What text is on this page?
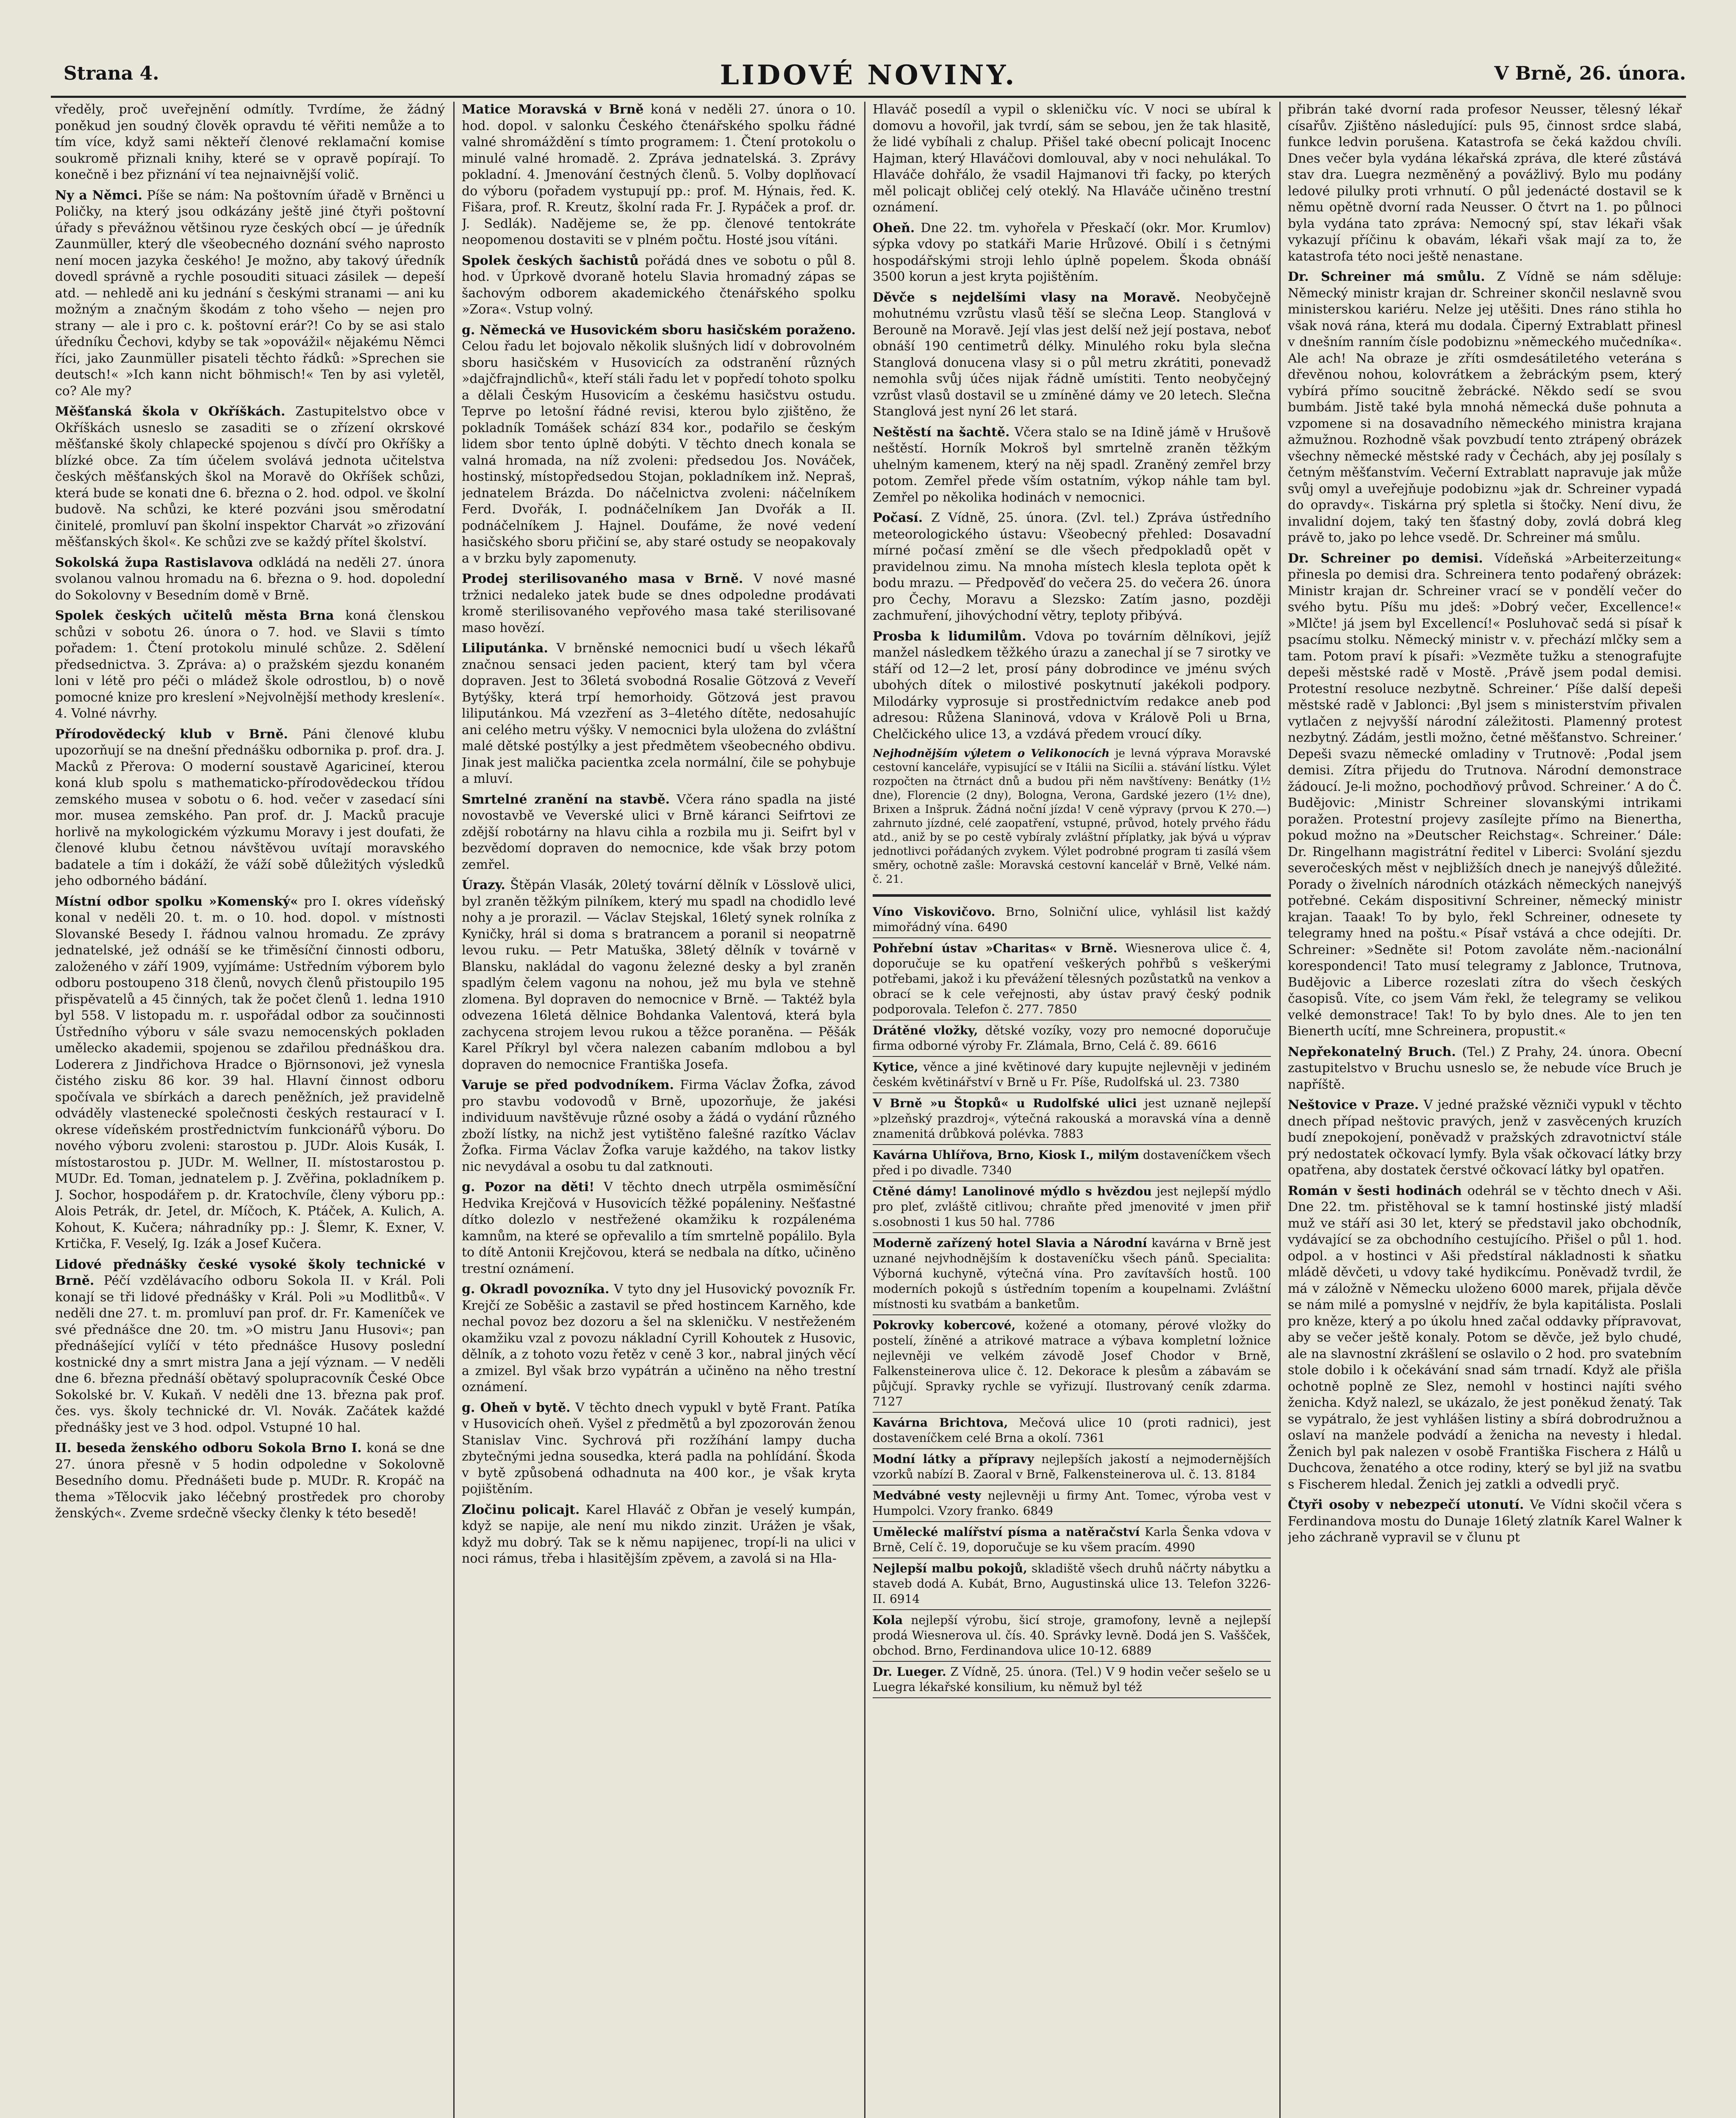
Strana 4.	LIDOVÉ NOVINY.	V Brně, 26. února.

vředěly, proč uveřejnění odmítly. Tvrdíme, že žádný poněkud jen soudný člověk opravdu té věřiti nemůže a to tím více, když sami někteří členové reklamační komise soukromě přiznali knihy, které se v opravě popírají. To konečně i bez přiznání ví tea nejnaivnější volič.

Ny a Němci. Píše se nám: Na poštovním úřadě v Brněnci u Poličky, na který jsou odkázány ještě jiné čtyři poštovní úřady s převážnou většinou ryze českých obcí — je úředník Zaunmüller, který dle všeobecného doznání svého naprosto není mocen jazyka českého! Je možno, aby takový úředník dovedl správně a rychle posouditi situaci zásilek — depeší atd. — nehledě ani ku jednání s českými stranami — ani ku možným a značným škodám z toho všeho — nejen pro strany — ale i pro c. k. poštovní erár?! Co by se asi stalo úředníku Čechovi, kdyby se tak »opovážil« nějakému Němci říci, jako Zaunmüller pisateli těchto řádků: »Sprechen sie deutsch!« »Ich kann nicht böhmisch!« Ten by asi vyletěl, co? Ale my?

Měšťanská škola v Okříškách. Zastupitelstvo obce v Okříškách usneslo se zasaditi se o zřízení okrskové měšťanské školy chlapecké spojenou s dívčí pro Okříšky a blízké obce. Za tím účelem svolává jednota učitelstva českých měšťanských škol na Moravě do Okříšek schůzi, která bude se konati dne 6. března o 2. hod. odpol. ve školní budově. Na schůzi, ke které pozváni jsou směrodatní činitelé, promluví pan školní inspektor Charvát »o zřizování měšťanských škol«. Ke schůzi zve se každý přítel školství.

Sokolská župa Rastislavova odkládá na neděli 27. února svolanou valnou hromadu na 6. března o 9. hod. dopolední do Sokolovny v Besedním domě v Brně.

Spolek českých učitelů města Brna koná členskou schůzi v sobotu 26. února o 7. hod. ve Slavii s tímto pořadem: 1. Čtení protokolu minulé schůze. 2. Sdělení předsednictva. 3. Zpráva: a) o pražském sjezdu konaném loni v létě pro péči o mládež škole odrostlou, b) o nově pomocné knize pro kreslení »Nejvolnější methody kreslení«. 4. Volné návrhy.

Přírodovědecký klub v Brně. Páni členové klubu upozorňují se na dnešní přednášku odbornika p. prof. dra. J. Macků z Přerova: O moderní soustavě Agaricineí, kterou koná klub spolu s mathematicko-přírodovědeckou třídou zemského musea v sobotu o 6. hod. večer v zasedací síni mor. musea zemského. Pan prof. dr. J. Macků pracuje horlivě na mykologickém výzkumu Moravy i jest doufati, že členové klubu četnou návštěvou uvítají moravského badatele a tím i dokáží, že váží sobě důležitých výsledků jeho odborného bádání.

Místní odbor spolku »Komenský« pro I. okres vídeňský konal v neděli 20. t. m. o 10. hod. dopol. v místnosti Slovanské Besedy I. řádnou valnou hromadu. Ze zprávy jednatelské, jež odnáší se ke třiměsíční činnosti odboru, založeného v září 1909, vyjímáme: Ustředním výborem bylo odboru postoupeno 318 členů, novych členů přistoupilo 195 přispěvatelů a 45 činných, tak že počet členů 1. ledna 1910 byl 558. V listopadu m. r. uspořádal odbor za součinnosti Ústředního výboru v sále svazu nemocenských pokladen umělecko akademii, spojenou se zdařilou přednáškou dra. Loderera z Jindřichova Hradce o Björnsonovi, jež vynesla čistého zisku 86 kor. 39 hal. Hlavní činnost odboru spočívala ve sbírkách a darech peněžních, jež pravidelně odváděly vlastenecké společnosti českých restaurací v I. okrese vídeňském prostřednictvím funkcionářů výboru. Do nového výboru zvoleni: starostou p. JUDr. Alois Kusák, I. místostarostou p. JUDr. M. Wellner, II. místostarostou p. MUDr. Ed. Toman, jednatelem p. J. Zvěřina, pokladníkem p. J. Sochor, hospodářem p. dr. Kratochvíle, členy výboru pp.: Alois Petrák, dr. Jetel, dr. Míčoch, K. Ptáček, A. Kulich, A. Kohout, K. Kučera; náhradníky pp.: J. Šlemr, K. Exner, V. Krtička, F. Veselý, Ig. Izák a Josef Kučera.

Lidové přednášky české vysoké školy technické v Brně. Péčí vzdělávacího odboru Sokola II. v Král. Poli konají se tři lidové přednášky v Král. Poli »u Modlitbů«. V neděli dne 27. t. m. promluví pan prof. dr. Fr. Kameníček ve své přednášce dne 20. tm. »O mistru Janu Husovi«; pan přednášející vylíčí v této přednášce Husovy poslední kostnické dny a smrt mistra Jana a její význam. — V neděli dne 6. března přednáší obětavý spolupracovník České Obce Sokolské br. V. Kukaň. V neděli dne 13. března pak prof. čes. vys. školy technické dr. Vl. Novák. Začátek každé přednášky jest ve 3 hod. odpol. Vstupné 10 hal.

II. beseda ženského odboru Sokola Brno I. koná se dne 27. února přesně v 5 hodin odpoledne v Sokolovně Besedního domu. Přednášeti bude p. MUDr. R. Kropáč na thema »Tělocvik jako léčebný prostředek pro choroby ženských«. Zveme srdečně všecky členky k této besedě!

Matice Moravská v Brně koná v neděli 27. února o 10. hod. dopol. v salonku Českého čtenářského spolku řádné valné shromáždění s tímto programem: 1. Čtení protokolu o minulé valné hromadě. 2. Zpráva jednatelská. 3. Zprávy pokladní. 4. Jmenování čestných členů. 5. Volby doplňovací do výboru (pořadem vystupují pp.: prof. M. Hýnais, řed. K. Fišara, prof. R. Kreutz, školní rada Fr. J. Rypáček a prof. dr. J. Sedlák). Nadějeme se, že pp. členové tentokráte neopomenou dostaviti se v plném počtu. Hosté jsou vítáni.

Spolek českých šachistů pořádá dnes ve sobotu o půl 8. hod. v Úprkově dvoraně hotelu Slavia hromadný zápas se šachovým odborem akademického čtenářského spolku »Zora«. Vstup volný.

g. Německá ve Husovickém sboru hasičském poraženo. Celou řadu let bojovalo několik slušných lidí v dobrovolném sboru hasičském v Husovicích za odstranění různých »dajčfrajndlichů«, kteří stáli řadu let v popředí tohoto spolku a dělali Českým Husovicím a českému hasičstvu ostudu. Teprve po letošní řádné revisi, kterou bylo zjištěno, že pokladník Tomášek schází 834 kor., podařilo se českým lidem sbor tento úplně dobýti. V těchto dnech konala se valná hromada, na níž zvoleni: předsedou Jos. Nováček, hostinský, místopředsedou Stojan, pokladníkem inž. Nepraš, jednatelem Brázda. Do náčelnictva zvoleni: náčelníkem Ferd. Dvořák, I. podnáčelníkem Jan Dvořák a II. podnáčelníkem J. Hajnel. Doufáme, že nové vedení hasičského sboru přičiní se, aby staré ostudy se neopakovaly a v brzku byly zapomenuty.

Prodej sterilisovaného masa v Brně. V nové masné tržnici nedaleko jatek bude se dnes odpoledne prodávati kromě sterilisovaného vepřového masa také sterilisované maso hovězí.

Liliputánka. V brněnské nemocnici budí u všech lékařů značnou sensaci jeden pacient, který tam byl včera dopraven. Jest to 36letá svobodná Rosalie Götzová z Veveří Bytýšky, která trpí hemorhoidy. Götzová jest pravou liliputánkou. Má vzezření as 3–4letého dítěte, nedosahujíc ani celého metru výšky. V nemocnici byla uložena do zvláštní malé dětské postýlky a jest předmětem všeobecného obdivu. Jinak jest malička pacientka zcela normální, čile se pohybuje a mluví.

Smrtelné zranění na stavbě. Včera ráno spadla na jisté novostavbě ve Veverské ulici v Brně káranci Seifrtovi ze zdější robotárny na hlavu cihla a rozbila mu ji. Seifrt byl v bezvědomí dopraven do nemocnice, kde však brzy potom zemřel.

Úrazy. Štěpán Vlasák, 20letý tovární dělník v Lösslově ulici, byl zraněn těžkým pilníkem, který mu spadl na chodidlo levé nohy a je prorazil. — Václav Stejskal, 16letý synek rolníka z Kyničky, hrál si doma s bratrancem a poranil si neopatrně levou ruku. — Petr Matuška, 38letý dělník v továrně v Blansku, nakládal do vagonu železné desky a byl zraněn spadlým čelem vagonu na nohou, jež mu byla ve stehně zlomena. Byl dopraven do nemocnice v Brně. — Taktéž byla odvezena 16letá dělnice Bohdanka Valentová, která byla zachycena strojem levou rukou a těžce poraněna. — Pěšák Karel Příkryl byl včera nalezen cabaním mdlobou a byl dopraven do nemocnice Františka Josefa.

Varuje se před podvodníkem. Firma Václav Žofka, závod pro stavbu vodovodů v Brně, upozorňuje, že jakési individuum navštěvuje různé osoby a žádá o vydání různého zboží lístky, na nichž jest vytištěno falešné razítko Václav Žofka. Firma Václav Žofka varuje každého, na takov listky nic nevydával a osobu tu dal zatknouti.

g. Pozor na děti! V těchto dnech utrpěla osmiměsíční Hedvika Krejčová v Husovicích těžké popáleniny. Nešťastné dítko dolezlo v nestřežené okamžiku k rozpálenéma kamnům, na které se opřevalilo a tím smrtelně popálilo. Byla to dítě Antonii Krejčovou, která se nedbala na dítko, učiněno trestní oznámení.

g. Okradl povozníka. V tyto dny jel Husovický povozník Fr. Krejčí ze Soběšic a zastavil se před hostincem Karněho, kde nechal povoz bez dozoru a šel na skleničku. V nestřeženém okamžiku vzal z povozu nákladní Cyrill Kohoutek z Husovic, dělník, a z tohoto vozu řetěz v ceně 3 kor., nabral jiných věcí a zmizel. Byl však brzo vypátrán a učiněno na něho trestní oznámení.

g. Oheň v bytě. V těchto dnech vypukl v bytě Frant. Patíka v Husovicích oheň. Vyšel z předmětů a byl zpozorován ženou Stanislav Vinc. Sychrová při rozžíhání lampy ducha zbytečnými jedna sousedka, která padla na pohlídání. Škoda v bytě způsobená odhadnuta na 400 kor., je však kryta pojištěním.

Zločinu policajt. Karel Hlaváč z Obřan je veselý kumpán, když se napije, ale není mu nikdo zinzit. Urážen je však, když mu dobrý. Tak se k němu napijenec, tropí-li na ulici v noci rámus, třeba i hlasitějším zpěvem, a zavolá si na Hla-

Hlaváč posedíl a vypil o skleničku víc. V noci se ubíral k domovu a hovořil, jak tvrdí, sám se sebou, jen že tak hlasitě, že lidé vybíhali z chalup. Přišel také obecní policajt Inocenc Hajman, který Hlaváčovi domlouval, aby v noci nehulákal. To Hlaváče dohřálo, že vsadil Hajmanovi tři facky, po kterých měl policajt obličej celý oteklý. Na Hlaváče učiněno trestní oznámení.

Oheň. Dne 22. tm. vyhořela v Přeskačí (okr. Mor. Krumlov) sýpka vdovy po statkáři Marie Hrůzové. Obilí i s četnými hospodářskými stroji lehlo úplně popelem. Škoda obnáší 3500 korun a jest kryta pojištěním.

Děvče s nejdelšími vlasy na Moravě. Neobyčejně mohutnému vzrůstu vlasů těší se slečna Leop. Stanglová v Berouně na Moravě. Její vlas jest delší než její postava, neboť obnáší 190 centimetrů délky. Minulého roku byla slečna Stanglová donucena vlasy si o půl metru zkrátiti, ponevadž nemohla svůj účes nijak řádně umístiti. Tento neobyčejný vzrůst vlasů dostavil se u zmíněné dámy ve 20 letech. Slečna Stanglová jest nyní 26 let stará.

Neštěstí na šachtě. Včera stalo se na Idině jámě v Hrušově neštěstí. Horník Mokroš byl smrtelně zraněn těžkým uhelným kamenem, který na něj spadl. Zraněný zemřel brzy potom. Zemřel přede vším ostatním, výkop náhle tam byl. Zemřel po několika hodinách v nemocnici.

Počasí. Z Vídně, 25. února. (Zvl. tel.) Zpráva ústředního meteorologického ústavu: Všeobecný přehled: Dosavadní mírné počasí změní se dle všech předpokladů opět v pravidelnou zimu. Na mnoha místech klesla teplota opět k bodu mrazu. — Předpověď do večera 25. do večera 26. února pro Čechy, Moravu a Slezsko: Zatím jasno, později zachmuření, jihovýchodní větry, teploty přibývá.

Prosba k lidumilům. Vdova po továrním dělníkovi, jejíž manžel následkem těžkého úrazu a zanechal jí se 7 sirotky ve stáří od 12—2 let, prosí pány dobrodince ve jménu svých ubohých dítek o milostivé poskytnutí jakékoli podpory. Milodárky vyprosuje si prostřednictvím redakce aneb pod adresou: Růžena Slaninová, vdova v Králově Poli u Brna, Chelčického ulice 13, a vzdává předem vroucí díky.

Nejhodnějším výletem o Velikonocích je levná výprava Moravské cestovní kanceláře, vypisující se v Itálii na Sicílii a. stávání lístku. Výlet rozpočten na čtrnáct dnů a budou při něm navštíveny: Benátky (1½ dne), Florencie (2 dny), Bologna, Verona, Gardské jezero (1½ dne), Brixen a Inšpruk. Žádná noční jízda! V ceně výpravy (prvou K 270.—) zahrnuto jízdné, celé zaopatření, vstupné, průvod, hotely prvého řádu atd., aniž by se po cestě vybíraly zvláštní příplatky, jak bývá u výprav jednotlivci pořádaných zvykem. Výlet podrobné program ti zasílá všem směry, ochotně zašle: Moravská cestovní kancelář v Brně, Velké nám. č. 21.

Víno Viskovičovo. Brno, Solniční ulice, vyhlásil list každý mimořádný vína. 6490

Pohřební ústav »Charitas« v Brně. Wiesnerova ulice č. 4, doporučuje se ku opatření veškerých pohřbů s veškerými potřebami, jakož i ku převážení tělesných pozůstatků na venkov a obrací se k cele veřejnosti, aby ústav pravý český podnik podporovala. Telefon č. 277. 7850

Drátěné vložky, dětské vozíky, vozy pro nemocné doporučuje firma odborné výroby Fr. Zlámala, Brno, Celá č. 89. 6616

Kytice, věnce a jiné květinové dary kupujte nejlevněji v jediném českém květinářství v Brně u Fr. Píše, Rudolfská ul. 23. 7380

V Brně »u Štopků« u Rudolfské ulici jest uznaně nejlepší »plzeňský prazdroj«, výtečná rakouská a moravská vína a denně znamenitá drůbková polévka. 7883

Kavárna Uhlířova, Brno, Kiosk I., milým dostaveníčkem všech před i po divadle. 7340

Ctěné dámy! Lanolinové mýdlo s hvězdou jest nejlepší mýdlo pro pleť, zvláště citlivou; chraňte před jmenovité v jmen přiř s.osobnosti 1 kus 50 hal. 7786

Moderně zařízený hotel Slavia a Národní kavárna v Brně jest uznané nejvhodnějším k dostaveníčku všech pánů. Specialita: Výborná kuchyně, výtečná vína. Pro zavítavších hostů. 100 moderních pokojů s ústředním topením a koupelnami. Zvláštní místnosti ku svatbám a banketům.

Pokrovky kobercové, kožené a otomany, pérové vložky do postelí, žíněné a atrikové matrace a výbava kompletní ložnice nejlevněji ve velkém závodě Josef Chodor v Brně, Falkensteinerova ulice č. 12. Dekorace k plesům a zábavám se půjčují. Spravky rychle se vyřizují. Ilustrovaný ceník zdarma. 7127

Kavárna Brichtova, Mečová ulice 10 (proti radnici), jest dostaveníčkem celé Brna a okolí. 7361

Modní látky a přípravy nejlepších jakostí a nejmodernějších vzorků nabízí B. Zaoral v Brně, Falkensteinerova ul. č. 13. 8184

Medvábné vesty nejlevněji u firmy Ant. Tomec, výroba vest v Humpolci. Vzory franko. 6849

Umělecké malířství písma a natěračství Karla Šenka vdova v Brně, Celí č. 19, doporučuje se ku všem pracím. 4990

Nejlepší malbu pokojů, skladiště všech druhů náčrty nábytku a staveb dodá A. Kubát, Brno, Augustinská ulice 13. Telefon 3226-II. 6914

Kola nejlepší výrobu, šicí stroje, gramofony, levně a nejlepší prodá Wiesnerova ul. čís. 40. Správky levně. Dodá jen S. Vaššček, obchod. Brno, Ferdinandova ulice 10-12. 6889

Dr. Lueger. Z Vídně, 25. února. (Tel.) V 9 hodin večer sešelo se u Luegra lékařské konsilium, ku němuž byl též

přibrán také dvorní rada profesor Neusser, tělesný lékař císařův. Zjištěno následující: puls 95, činnost srdce slabá, funkce ledvin porušena. Katastrofa se čeká každou chvíli. Dnes večer byla vydána lékařská zpráva, dle které zůstává stav dra. Luegra nezměněný a povážlivý. Bylo mu podány ledové pilulky proti vrhnutí. O půl jedenácté dostavil se k němu opětně dvorní rada Neusser. O čtvrt na 1. po půlnoci byla vydána tato zpráva: Nemocný spí, stav lékaři však vykazují příčinu k obavám, lékaři však mají za to, že katastrofa této noci ještě nenastane.

Dr. Schreiner má smůlu. Z Vídně se nám sděluje: Německý ministr krajan dr. Schreiner skončil neslavně svou ministerskou kariéru. Nelze jej utěšiti. Dnes ráno stihla ho však nová rána, která mu dodala. Čiperný Extrablatt přinesl v dnešním ranním čísle podobiznu »německého mučedníka«. Ale ach! Na obraze je zříti osmdesátiletého veterána s dřevěnou nohou, kolovrátkem a žebráckým psem, který vybírá přímo soucitně žebrácké. Někdo sedí se svou bumbám. Jistě také byla mnohá německá duše pohnuta a vzpomene si na dosavadního německého ministra krajana ažmužnou. Rozhodně však povzbudí tento ztrápený obrázek všechny německé městské rady v Čechách, aby jej posílaly s četným měšťanstvím. Večerní Extrablatt napravuje jak může svůj omyl a uveřejňuje podobiznu »jak dr. Schreiner vypadá do opravdy«. Tiskárna prý spletla si štočky. Není divu, že invalidní dojem, taký ten šťastný doby, zovlá dobrá kleg právě to, jako po lehce vsedě. Dr. Schreiner má smůlu.

Dr. Schreiner po demisi. Vídeňská »Arbeiterzeitung« přinesla po demisi dra. Schreinera tento podařený obrázek: Ministr krajan dr. Schreiner vrací se v pondělí večer do svého bytu. Píšu mu jdeš: »Dobrý večer, Excellence!« »Mlčte! já jsem byl Excellencí!« Posluhovač sedá si písař k psacímu stolku. Německý ministr v. v. přechází mlčky sem a tam. Potom praví k písaři: »Vezměte tužku a stenografujte depeši městské radě v Mostě. ‚Právě jsem podal demisi. Protestní resoluce nezbytně. Schreiner.‘ Píše další depeši městské radě v Jablonci: ‚Byl jsem s ministerstvím přivalen vytlačen z nejvyšší národní záležitosti. Plamenný protest nezbytný. Zádám, jestli možno, četné měšťanstvo. Schreiner.‘ Depeši svazu německé omladiny v Trutnově: ‚Podal jsem demisi. Zítra přijedu do Trutnova. Národní demonstrace žádoucí. Je-li možno, pochodňový průvod. Schreiner.‘ A do Č. Budějovic: ‚Ministr Schreiner slovanskými intrikami poražen. Protestní projevy zasílejte přímo na Bienertha, pokud možno na »Deutscher Reichstag«. Schreiner.‘ Dále: Dr. Ringelhann magistrátní ředitel v Liberci: Svolání sjezdu severočeských měst v nejbližších dnech je nanejvýš důležité. Porady o živelních národních otázkách německých nanejvýš potřebné. Cekám dispositivní Schreiner, německý ministr krajan. Taaak! To by bylo, řekl Schreiner, odnesete ty telegramy hned na poštu.« Písař vstává a chce odejíti. Dr. Schreiner: »Sedněte si! Potom zavoláte něm.-nacionální korespondenci! Tato musí telegramy z Jablonce, Trutnova, Budějovic a Liberce rozeslati zítra do všech českých časopisů. Víte, co jsem Vám řekl, že telegramy se velikou velké demonstrace! Tak! To by bylo dnes. Ale to jen ten Bienerth ucítí, mne Schreinera, propustit.«

Nepřekonatelný Bruch. (Tel.) Z Prahy, 24. února. Obecní zastupitelstvo v Bruchu usneslo se, že nebude více Bruch je napříště.

Neštovice v Praze. V jedné pražské vězniči vypukl v těchto dnech případ neštovic pravých, jenž v zasvěcených kruzích budí znepokojení, poněvadž v pražských zdravotnictví stále prý nedostatek očkovací lymfy. Byla však očkovací látky brzy opatřena, aby dostatek čerstvé očkovací látky byl opatřen.

Román v šesti hodinách odehrál se v těchto dnech v Aši. Dne 22. tm. přistěhoval se k tamní hostinské jistý mladší muž ve stáří asi 30 let, který se představil jako obchodník, vydávající se za obchodního cestujícího. Přišel o půl 1. hod. odpol. a v hostinci v Aši předstíral nákladnosti k sňatku mládě děvčeti, u vdovy také hydikcímu. Poněvadž tvrdil, že má v záložně v Německu uloženo 6000 marek, přijala děvče se nám milé a pomyslné v nejdřív, že byla kapitálista. Poslali pro kněze, který a po úkolu hned začal oddavky přípravovat, aby se večer ještě konaly. Potom se děvče, jež bylo chudé, ale na slavnostní zkrášlení se oslavilo o 2 hod. pro svatebním stole dobilo i k očekávání snad sám trnadí. Když ale přišla ochotně poplně ze Slez, nemohl v hostinci najíti svého ženicha. Když nalezl, se ukázalo, že jest poněkud ženatý. Tak se vypátralo, že jest vyhlášen listiny a sbírá dobrodružnou a oslaví na manžele podvádí a ženicha na nevesty i hledal. Ženich byl pak nalezen v osobě Františka Fischera z Hálů u Duchcova, ženatého a otce rodiny, který se byl již na svatbu s Fischerem hledal. Ženich jej zatkli a odvedli pryč.

Čtyři osoby v nebezpečí utonutí. Ve Vídni skočil včera s Ferdinandova mostu do Dunaje 16letý zlatník Karel Walner k jeho záchraně vypravil se v člunu pt
